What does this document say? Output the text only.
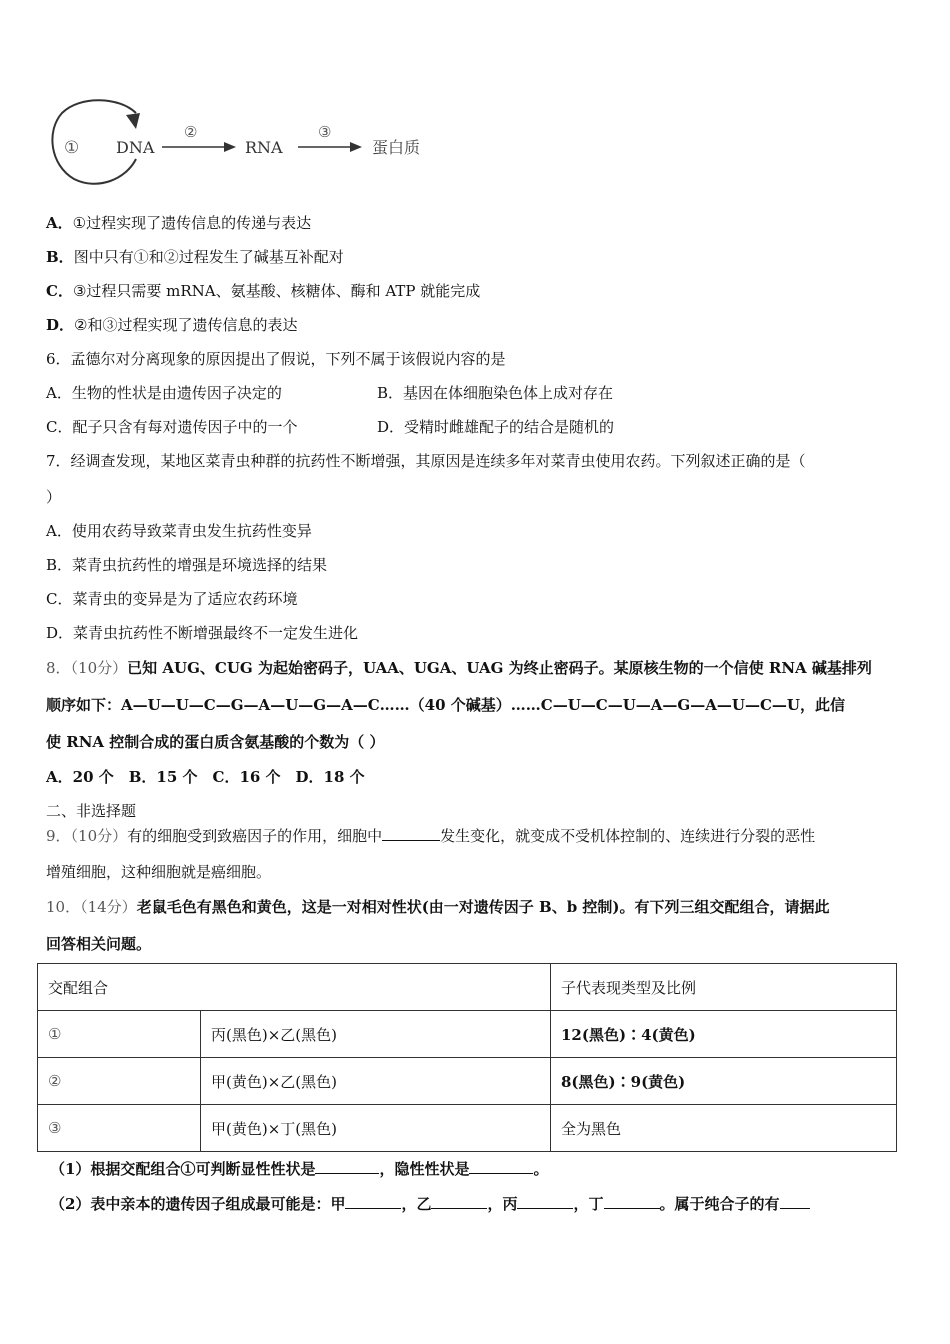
① DNA
②
RNA
③
蛋白质
A．①过程实现了遗传信息的传递与表达
B．图中只有①和②过程发生了碱基互补配对
C．③过程只需要 mRNA、氨基酸、核糖体、酶和 ATP 就能完成
D．②和③过程实现了遗传信息的表达
6．孟德尔对分离现象的原因提出了假说，下列不属于该假说内容的是
A．生物的性状是由遗传因子决定的	B．基因在体细胞染色体上成对存在
C．配子只含有每对遗传因子中的一个	D．受精时雌雄配子的结合是随机的
7．经调查发现，某地区菜青虫种群的抗药性不断增强，其原因是连续多年对菜青虫使用农药。下列叙述正确的是（
）
A．使用农药导致菜青虫发生抗药性变异
B．菜青虫抗药性的增强是环境选择的结果
C．菜青虫的变异是为了适应农药环境
D．菜青虫抗药性不断增强最终不一定发生进化
8．（10分）已知 AUG、CUG 为起始密码子，UAA、UGA、UAG 为终止密码子。某原核生物的一个信使 RNA 碱基排列
顺序如下：A—U—U—C—G—A—U—G—A—C……（40 个碱基）……C—U—C—U—A—G—A—U—C—U，此信
使 RNA 控制合成的蛋白质含氨基酸的个数为（ ）
A．20 个　B．15 个　C．16 个　D．18 个
二、非选择题
9．（10分）有的细胞受到致癌因子的作用，细胞中	发生变化，就变成不受机体控制的、连续进行分裂的恶性
增殖细胞，这种细胞就是癌细胞。
10．（14分）老鼠毛色有黑色和黄色，这是一对相对性状(由一对遗传因子 B、b 控制)。有下列三组交配组合，请据此
回答相关问题。
交配组合		子代表现类型及比例
①	丙(黑色)×乙(黑色)	12(黑色)∶4(黄色)
②	甲(黄色)×乙(黑色)	8(黑色)∶9(黄色)
③	甲(黄色)×丁(黑色)	全为黑色
（1）根据交配组合①可判断显性性状是	，隐性性状是	。
（2）表中亲本的遗传因子组成最可能是：甲	，乙	，丙	，丁	。属于纯合子的有
